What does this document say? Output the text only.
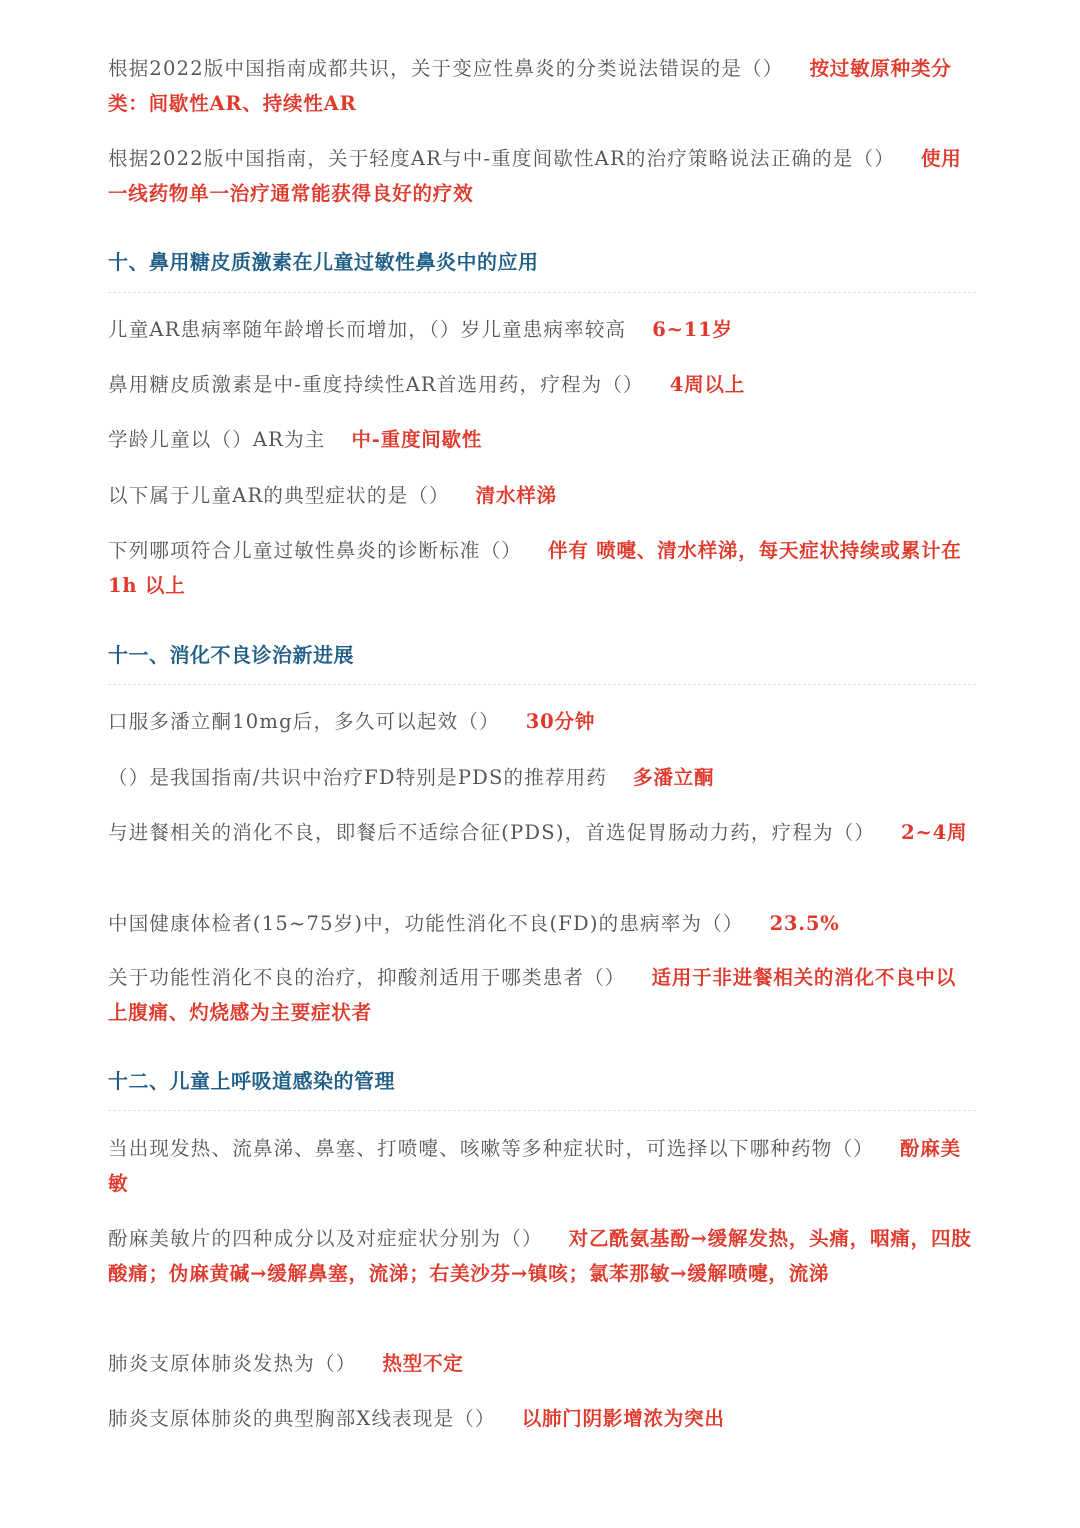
根据2022版中国指南成都共识，关于变应性鼻炎的分类说法错误的是（） 按过敏原种类分类：间歇性AR、持续性AR

根据2022版中国指南，关于轻度AR与中-重度间歇性AR的治疗策略说法正确的是（） 使用一线药物单一治疗通常能获得良好的疗效

十、鼻用糖皮质激素在儿童过敏性鼻炎中的应用

儿童AR患病率随年龄增长而增加，（）岁儿童患病率较高 6~11岁

鼻用糖皮质激素是中-重度持续性AR首选用药，疗程为（） 4周以上

学龄儿童以（）AR为主 中-重度间歇性

以下属于儿童AR的典型症状的是（） 清水样涕

下列哪项符合儿童过敏性鼻炎的诊断标准（） 伴有 喷嚏、清水样涕，每天症状持续或累计在 1h 以上

十一、消化不良诊治新进展

口服多潘立酮10mg后，多久可以起效（） 30分钟

（）是我国指南/共识中治疗FD特别是PDS的推荐用药 多潘立酮

与进餐相关的消化不良，即餐后不适综合征(PDS)，首选促胃肠动力药，疗程为（） 2~4周

中国健康体检者(15~75岁)中，功能性消化不良(FD)的患病率为（） 23.5%

关于功能性消化不良的治疗，抑酸剂适用于哪类患者（） 适用于非进餐相关的消化不良中以上腹痛、灼烧感为主要症状者

十二、儿童上呼吸道感染的管理

当出现发热、流鼻涕、鼻塞、打喷嚏、咳嗽等多种症状时，可选择以下哪种药物（） 酚麻美敏

酚麻美敏片的四种成分以及对症症状分别为（） 对乙酰氨基酚→缓解发热，头痛，咽痛，四肢酸痛；伪麻黄碱→缓解鼻塞，流涕；右美沙芬→镇咳；氯苯那敏→缓解喷嚏，流涕

肺炎支原体肺炎发热为（） 热型不定

肺炎支原体肺炎的典型胸部X线表现是（） 以肺门阴影增浓为突出
